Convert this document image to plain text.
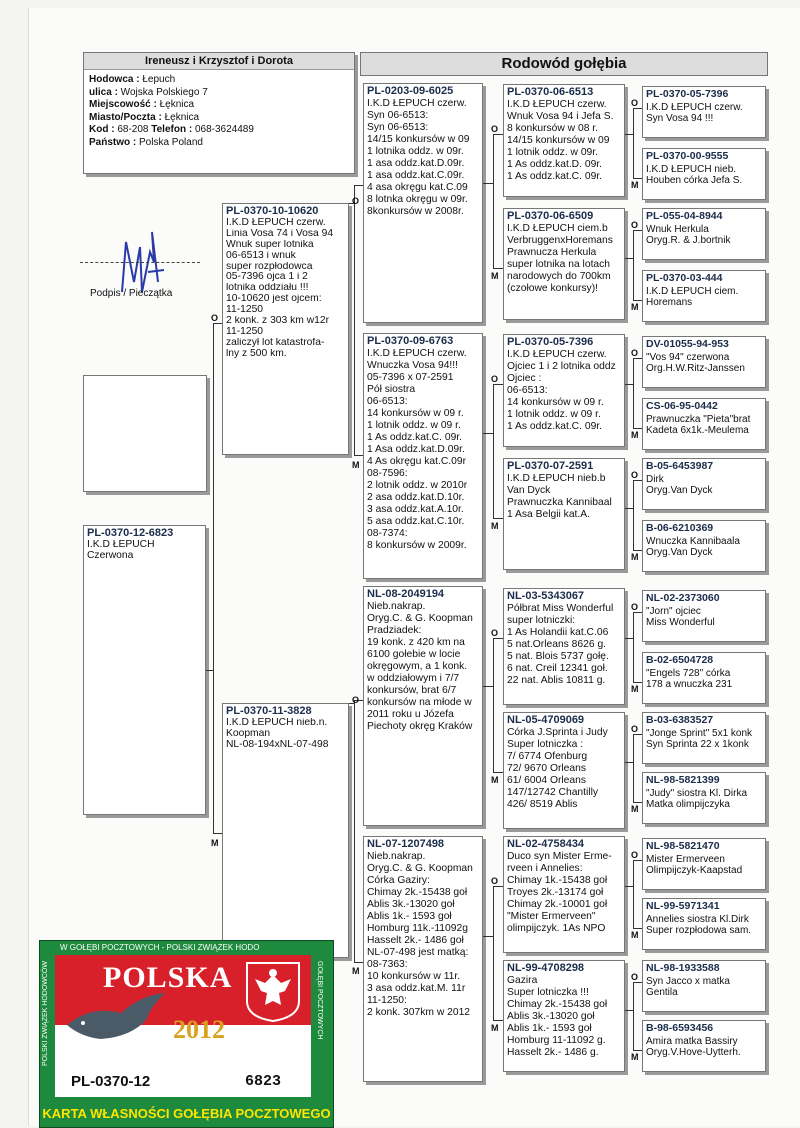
Ireneusz i Krzysztof i Dorota
Hodowca : Łepuch
ulica : Wojska Polskiego 7
Miejscowość : Łęknica
Miasto/Poczta : Łęknica
Kod : 68-208 Telefon : 068-3624489
Państwo : Polska Poland
Rodowód gołębia
Podpis / Pieczątka
PL-0370-12-6823
I.K.D ŁEPUCH
Czerwona
PL-0370-10-10620
I.K.D ŁEPUCH czerw.
Linia Vosa 74 i Vosa 94
Wnuk super lotnika
06-6513 i wnuk
super rozpłodowca
05-7396 ojca 1 i 2
lotnika oddziału !!!
10-10620 jest ojcem:
11-1250
2 konk. z 303 km w12r
11-1250
zaliczył lot katastrofa-
lny z 500 km.
PL-0370-11-3828
I.K.D ŁEPUCH nieb.n.
Koopman
NL-08-194xNL-07-498
O
M
PL-0203-09-6025
I.K.D ŁEPUCH czerw.
Syn 06-6513:
Syn 06-6513:
14/15 konkursów w 09
1 lotnika oddz. w 09r.
1 asa oddz.kat.D.09r.
1 asa oddz.kat.C.09r.
4 asa okręgu kat.C.09
8 lotnka okręgu w 09r.
8konkursów w 2008r.
PL-0370-09-6763
I.K.D ŁEPUCH czerw.
Wnuczka Vosa 94!!!
05-7396 x 07-2591
Pół siostra
06-6513:
14 konkursów w 09 r.
1 lotnik oddz. w 09 r.
1 As oddz.kat.C. 09r.
1 Asa oddz.kat.D.09r.
4 As okręgu kat.C.09r
08-7596:
2 lotnik oddz. w 2010r
2 asa oddz.kat.D.10r.
3 asa oddz.kat.A.10r.
5 asa oddz.kat.C.10r.
08-7374:
8 konkursów w 2009r.
NL-08-2049194
Nieb.nakrap.
Oryg.C. & G. Koopman
Pradziadek:
19 konk. z 420 km na
6100 gołebie w locie
okręgowym, a 1 konk.
w oddziałowym i 7/7
konkursów, brat 6/7
konkursów na młode w
2011 roku u Józefa
Piechoty okręg Kraków
NL-07-1207498
Nieb.nakrap.
Oryg.C. & G. Koopman
Córka Gaziry:
Chimay 2k.-15438 goł
Ablis 3k.-13020 goł
Ablis 1k.- 1593 goł
Homburg 11k.-11092g
Hasselt 2k.- 1486 goł
NL-07-498 jest matką:
08-7363:
10 konkursów w 11r.
3 asa oddz.kat.M. 11r
11-1250:
2 konk. 307km w 2012
O
M
O
M
PL-0370-06-6513
I.K.D ŁEPUCH czerw.
Wnuk Vosa 94 i Jefa S.
8 konkursów w 08 r.
14/15 konkursów w 09
1 lotnik oddz. w 09r.
1 As oddz.kat.D. 09r.
1 As oddz.kat.C. 09r.
PL-0370-06-6509
I.K.D ŁEPUCH ciem.b
VerbruggenxHoremans
Prawnucza Herkula
super lotnika na lotach
narodowych do 700km
(czołowe konkursy)!
PL-0370-05-7396
I.K.D ŁEPUCH czerw.
Ojciec 1 i 2 lotnika oddz
Ojciec :
06-6513:
14 konkursów w 09 r.
1 lotnik oddz. w 09 r.
1 As oddz.kat.C. 09r.
PL-0370-07-2591
I.K.D ŁEPUCH nieb.b
Van Dyck
Prawnuczka Kannibaal
1 Asa Belgii kat.A.
NL-03-5343067
Półbrat Miss Wonderful
super lotniczki:
1 As Holandii kat.C.06
5 nat.Orleans 8626 g.
5 nat. Blois 5737 gołę.
6 nat. Creil 12341 goł.
22 nat. Ablis 10811 g.
NL-05-4709069
Córka J.Sprinta i Judy
Super lotniczka :
7/ 6774 Ofenburg
72/ 9670 Orleans
61/ 6004 Orleans
147/12742 Chantilly
426/ 8519 Ablis
NL-02-4758434
Duco syn Mister Erme-
rveen i Annelies:
Chimay 1k.-15438 goł
Troyes 2k.-13174 goł
Chimay 2k.-10001 goł
"Mister Ermerveen"
olimpijczyk. 1As NPO
NL-99-4708298
Gazira
Super lotniczka !!!
Chimay 2k.-15438 goł
Ablis 3k.-13020 goł
Ablis 1k.- 1593 goł
Homburg 11-11092 g.
Hasselt 2k.- 1486 g.
O
M
O
M
O
M
O
M
PL-0370-05-7396
I.K.D ŁEPUCH czerw.
Syn Vosa 94 !!!
PL-0370-00-9555
I.K.D ŁEPUCH nieb.
Houben córka Jefa S.
PL-055-04-8944
Wnuk Herkula
Oryg.R. & J.bortnik
PL-0370-03-444
I.K.D ŁEPUCH ciem.
Horemans
DV-01055-94-953
"Vos 94" czerwona
Org.H.W.Ritz-Janssen
CS-06-95-0442
Prawnuczka "Pieta"brat
Kadeta 6x1k.-Meulema
B-05-6453987
Dirk
Oryg.Van Dyck
B-06-6210369
Wnuczka Kannibaala
Oryg.Van Dyck
NL-02-2373060
"Jorn" ojciec
Miss Wonderful
B-02-6504728
"Engels 728" córka
178 a wnuczka 231
B-03-6383527
"Jonge Sprint" 5x1 konk
Syn Sprinta 22 x 1konk
NL-98-5821399
"Judy" siostra Kl. Dirka
Matka olimpijczyka
NL-98-5821470
Mister Ermerveen
Olimpijczyk-Kaapstad
NL-99-5971341
Annelies siostra Kl.Dirk
Super rozpłodowa sam.
NL-98-1933588
Syn Jacco x matka
Gentila
B-98-6593456
Amira matka Bassiry
Oryg.V.Hove-Uytterh.
O
M
O
M
O
M
O
M
O
M
O
M
O
M
O
M
POLSKI ZWIĄZEK HODOWCÓW	GOŁĘBI POCZTOWYCH
W GOŁĘBI POCZTOWYCH - POLSKI ZWIĄZEK HODO
POLSKA
2012
PL-0370-12	6823
KARTA WŁASNOŚCI GOŁĘBIA POCZTOWEGO
